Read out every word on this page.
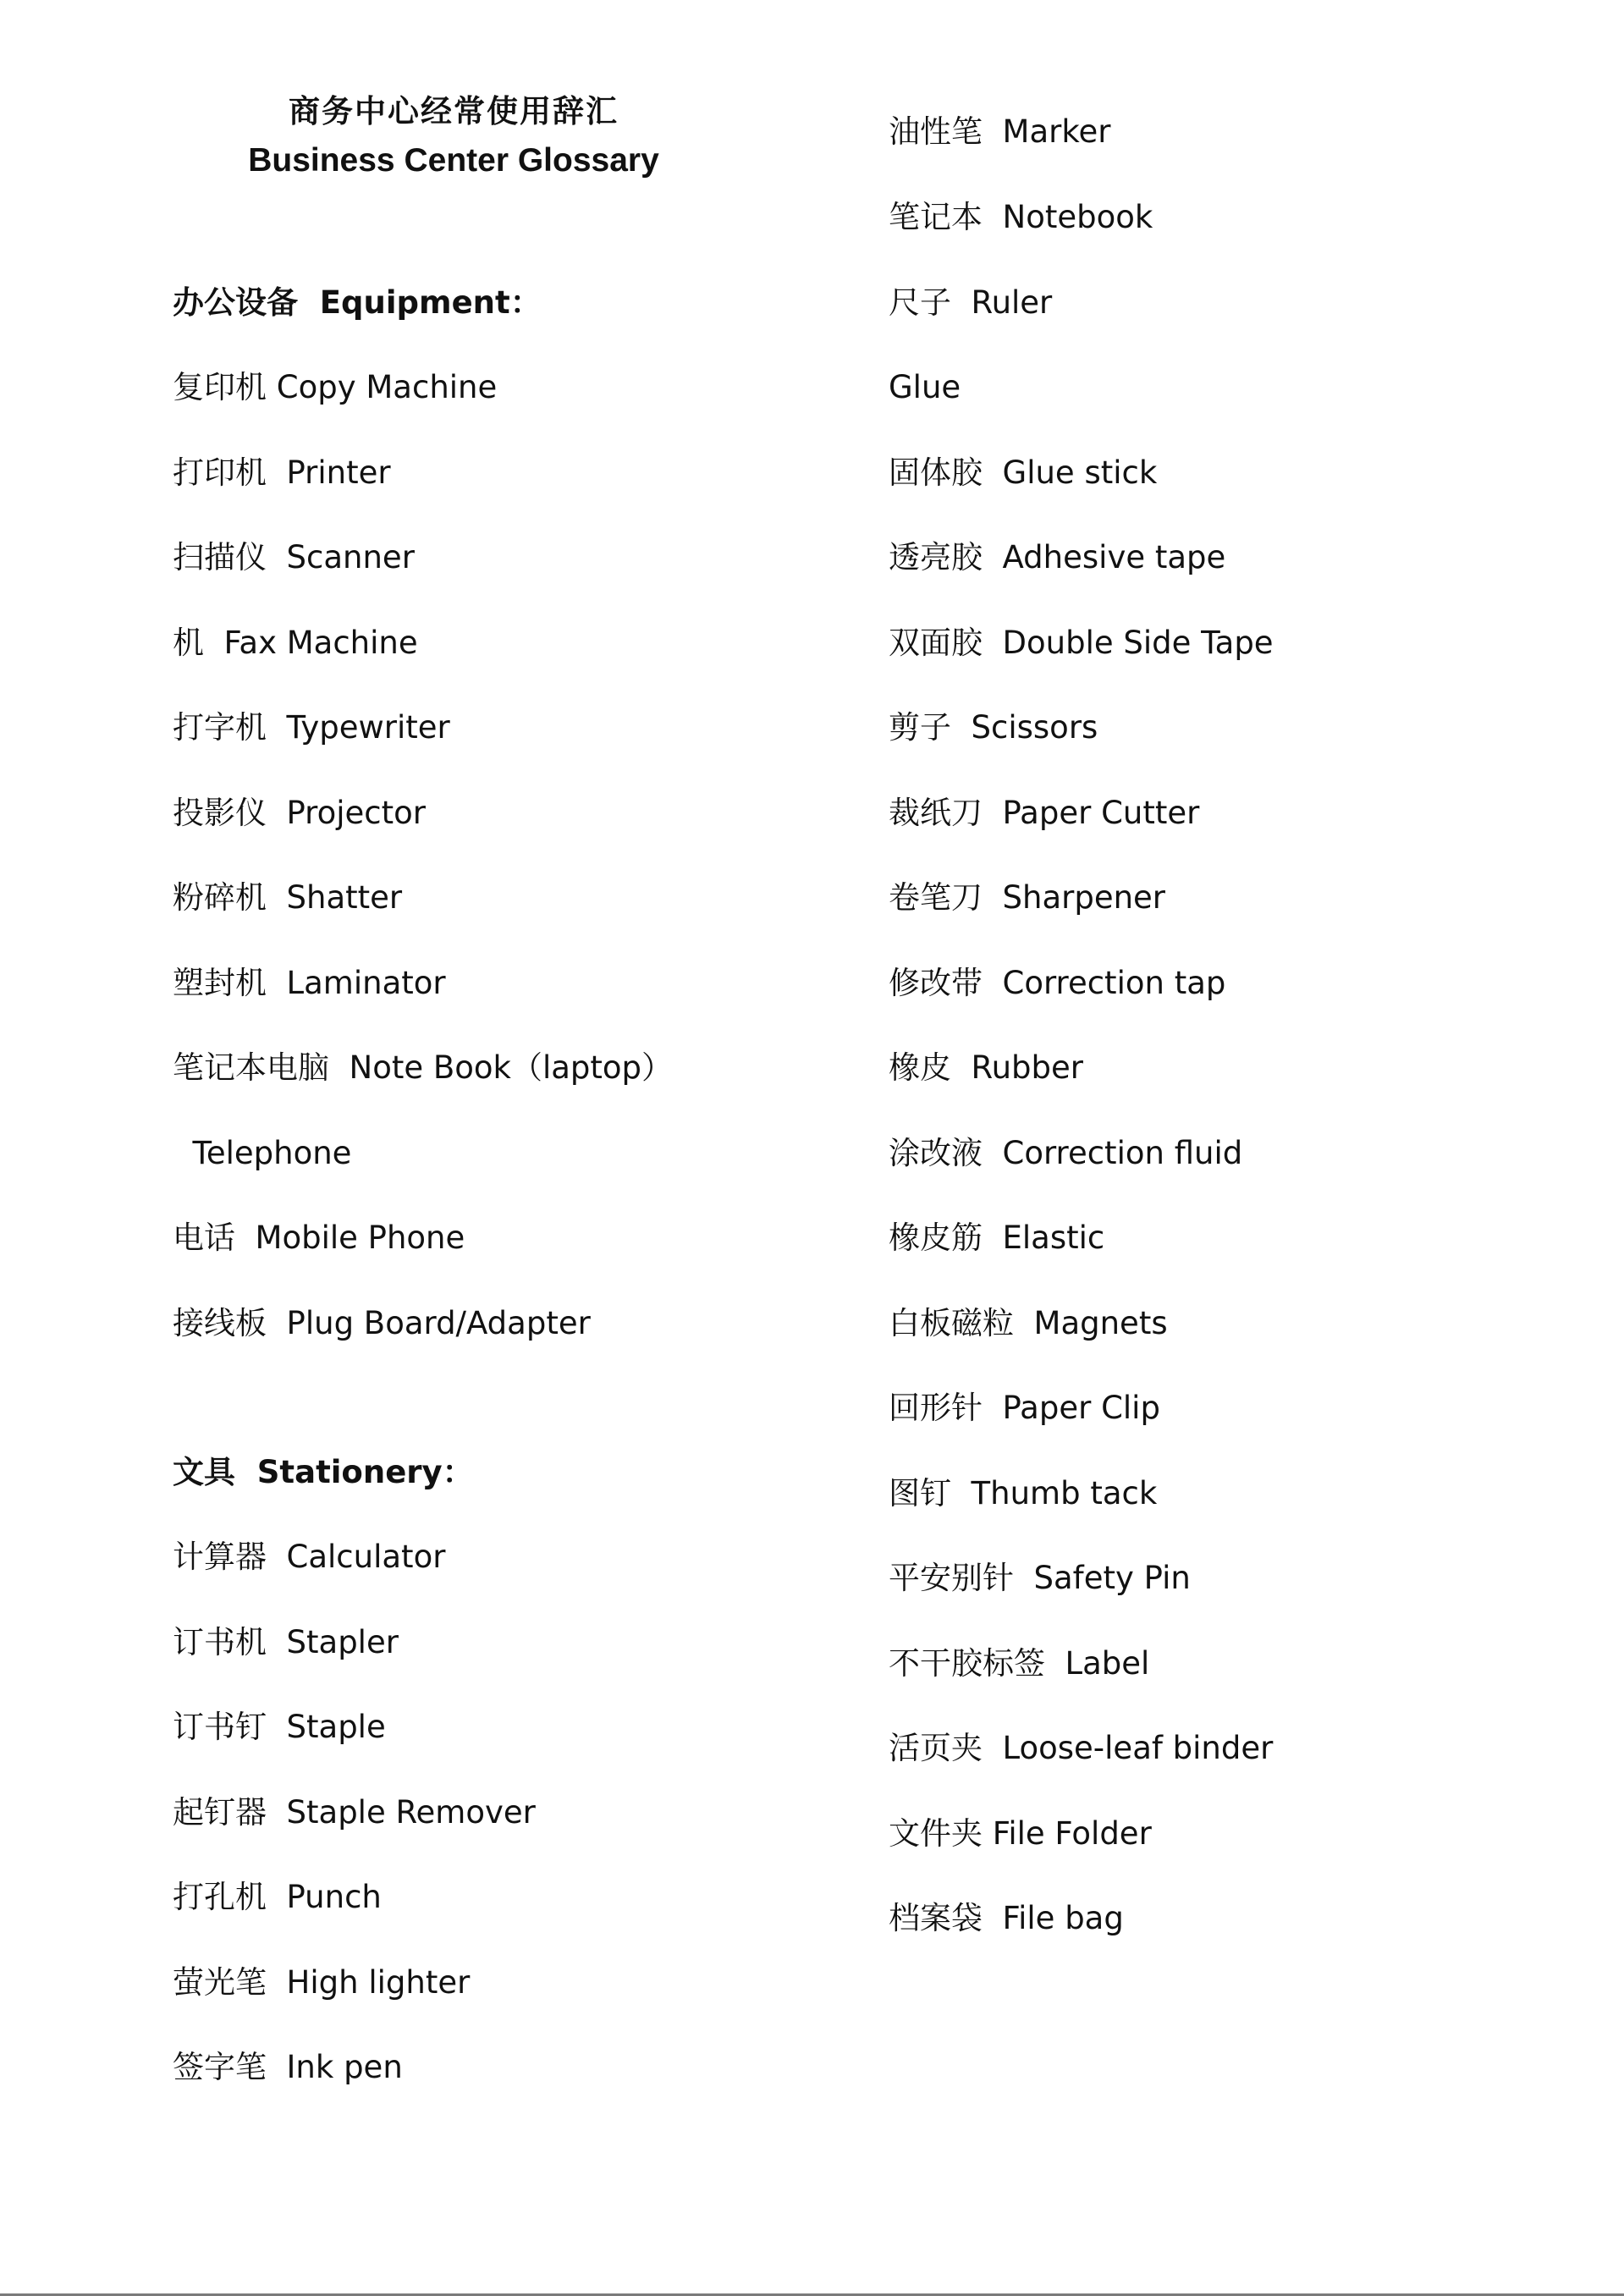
商务中心经常使用辞汇
Business Center Glossary
办公设备  Equipment：
复印机 Copy Machine
打印机  Printer
扫描仪  Scanner
机  Fax Machine
打字机  Typewriter
投影仪  Projector
粉碎机  Shatter
塑封机  Laminator
笔记本电脑  Note Book（laptop）
Telephone
电话  Mobile Phone
接线板  Plug Board/Adapter
文具  Stationery：
计算器  Calculator
订书机  Stapler
订书钉  Staple
起钉器  Staple Remover
打孔机  Punch
萤光笔  High lighter
签字笔  Ink pen
油性笔  Marker
笔记本  Notebook
尺子  Ruler
Glue
固体胶  Glue stick
透亮胶  Adhesive tape
双面胶  Double Side Tape
剪子  Scissors
裁纸刀  Paper Cutter
卷笔刀  Sharpener
修改带  Correction tap
橡皮  Rubber
涂改液  Correction fluid
橡皮筋  Elastic
白板磁粒  Magnets
回形针  Paper Clip
图钉  Thumb tack
平安别针  Safety Pin
不干胶标签  Label
活页夹  Loose-leaf binder
文件夹 File Folder
档案袋  File bag
